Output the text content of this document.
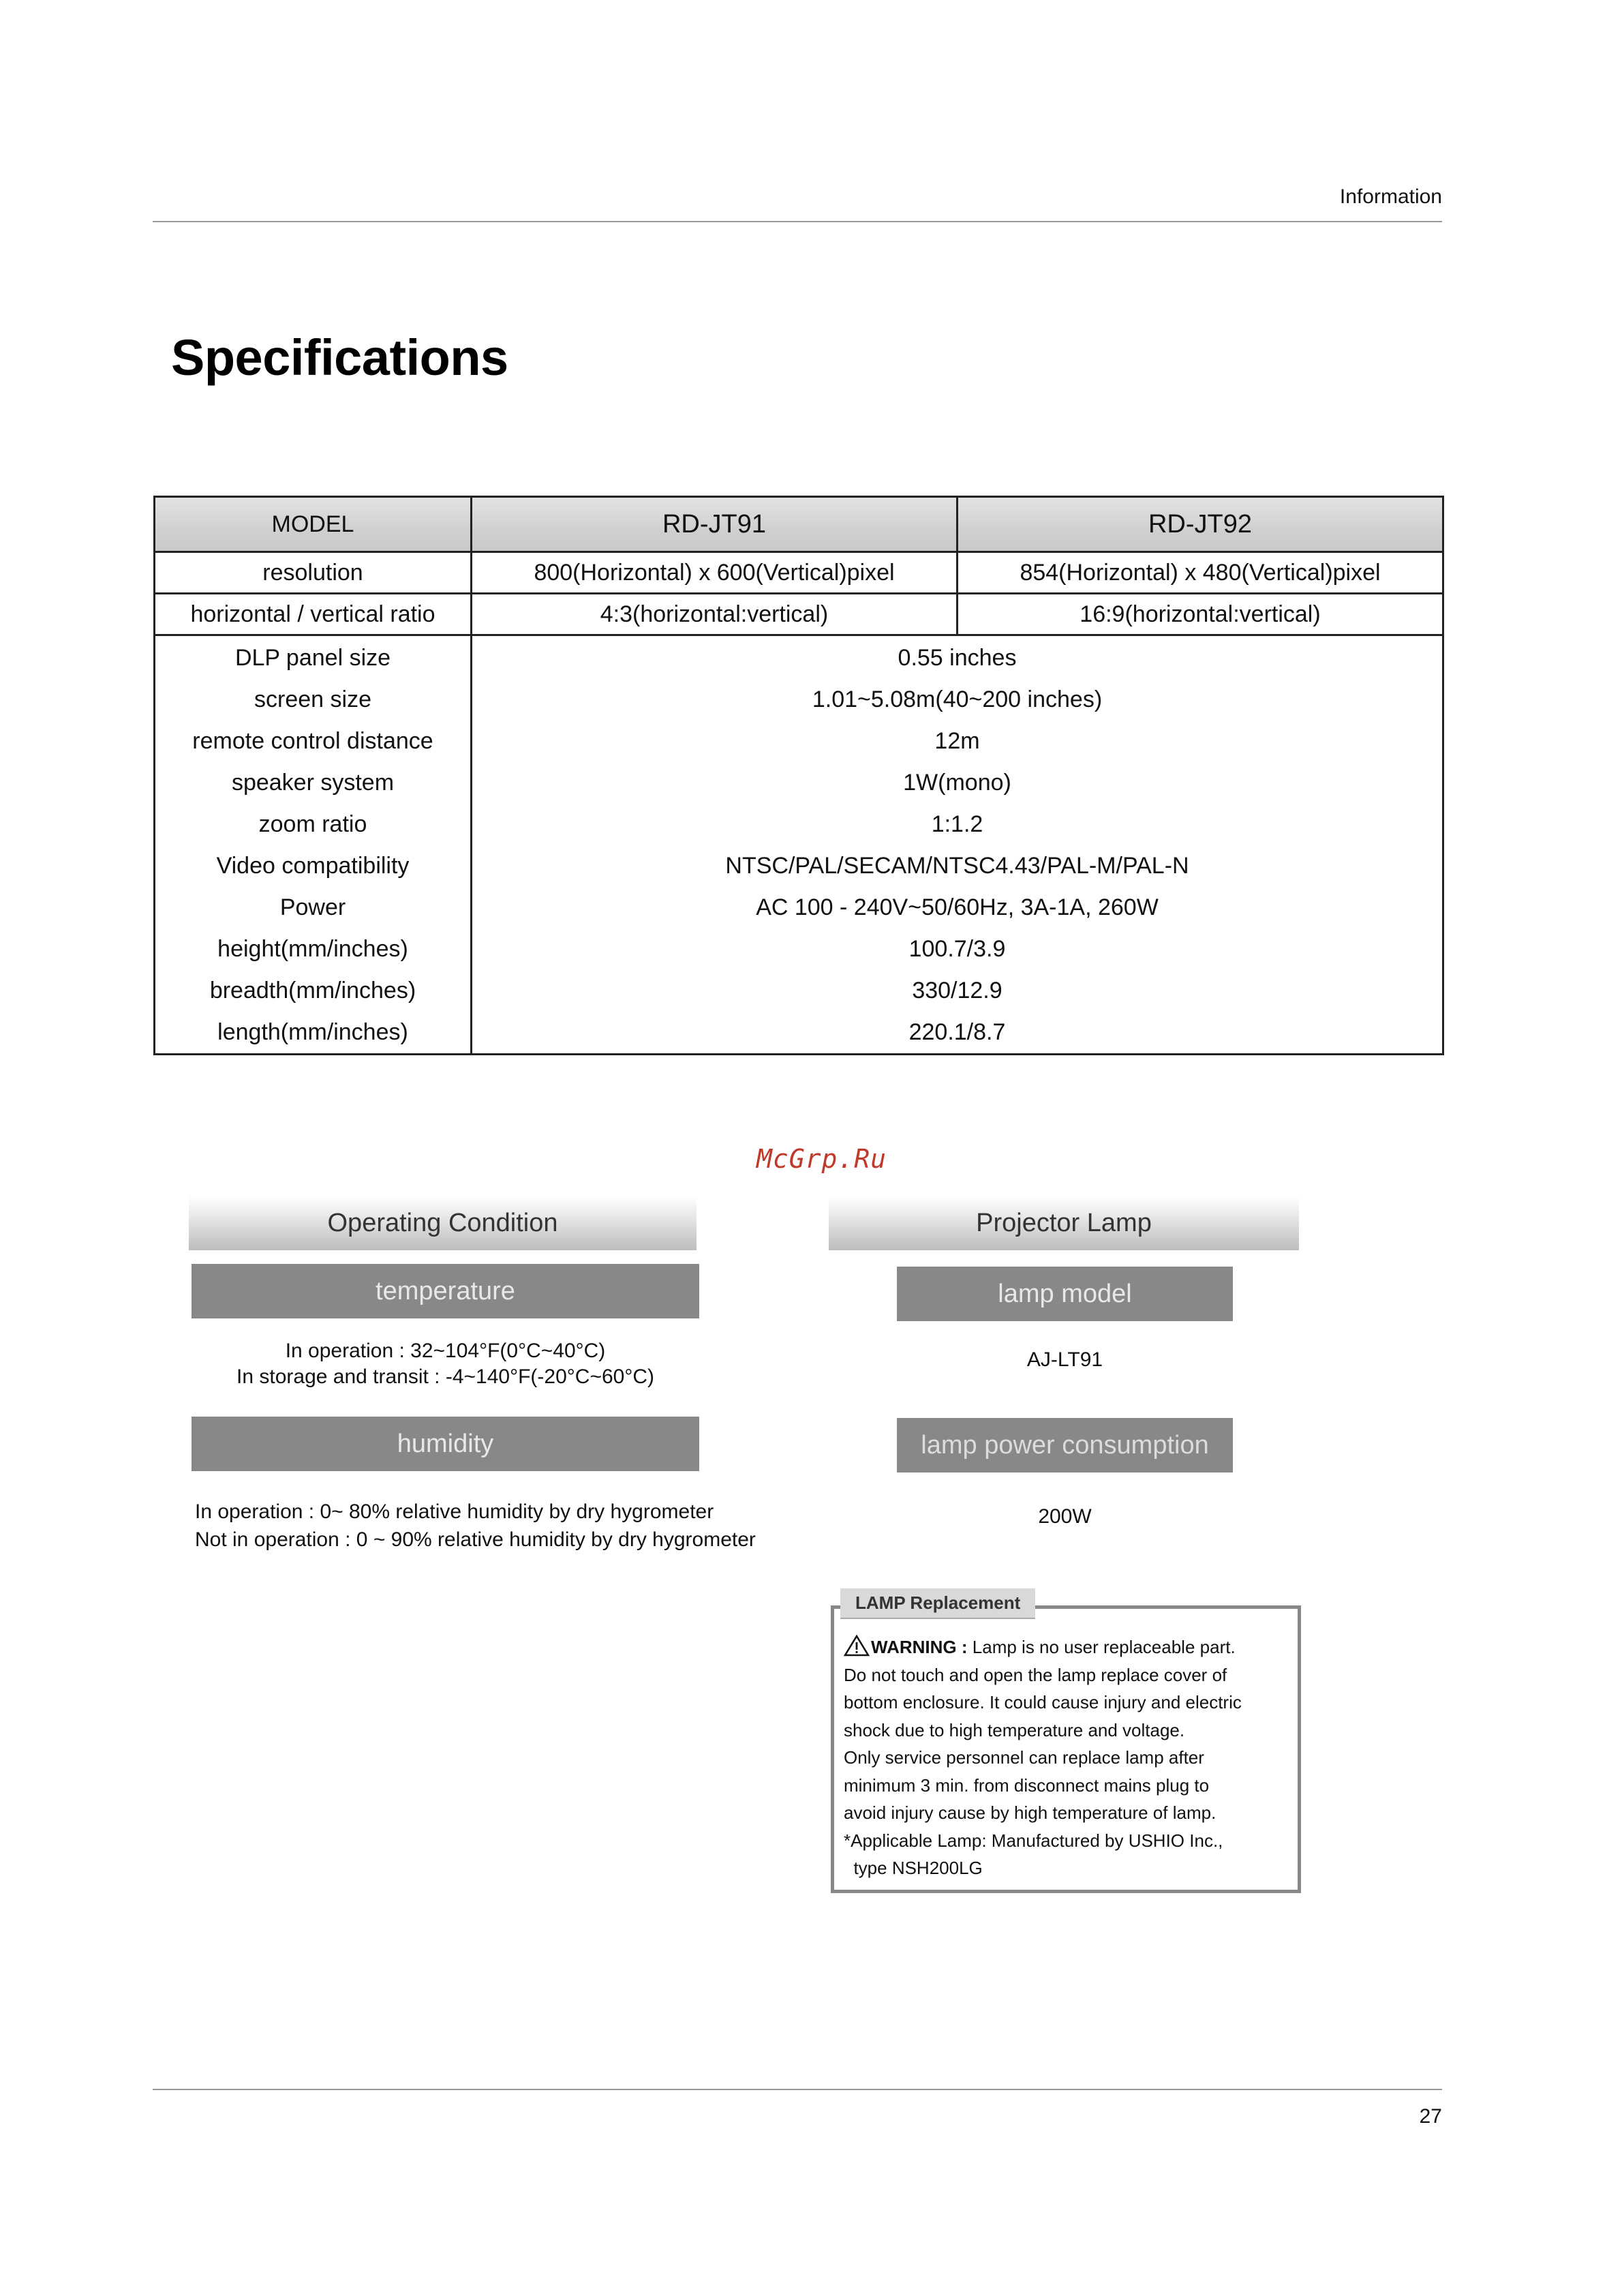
Information
Specifications
MODEL	RD-JT91	RD-JT92
resolution	800(Horizontal) x 600(Vertical)pixel	854(Horizontal) x 480(Vertical)pixel
horizontal / vertical ratio	4:3(horizontal:vertical)	16:9(horizontal:vertical)
DLP panel size	0.55 inches	
screen size	1.01~5.08m(40~200 inches)	
remote control distance	12m	
speaker system	1W(mono)	
zoom ratio	1:1.2	
Video compatibility	NTSC/PAL/SECAM/NTSC4.43/PAL-M/PAL-N	
Power	AC 100 - 240V~50/60Hz, 3A-1A, 260W	
height(mm/inches)	100.7/3.9	
breadth(mm/inches)	330/12.9	
length(mm/inches)	220.1/8.7	
McGrp.Ru
Operating Condition
temperature
In operation : 32~104°F(0°C~40°C)
In storage and transit : -4~140°F(-20°C~60°C)
humidity
In operation : 0~ 80% relative humidity by dry hygrometer
Not in operation : 0 ~ 90% relative humidity by dry hygrometer
Projector Lamp
lamp model
AJ-LT91
lamp power consumption
200W
LAMP Replacement
WARNING : Lamp is no user replaceable part.
Do not touch and open the lamp replace cover of
bottom enclosure. It could cause injury and electric
shock due to high temperature and voltage.
Only service personnel can replace lamp after
minimum 3 min. from disconnect mains plug to
avoid injury cause by high temperature of lamp.
*Applicable Lamp: Manufactured by USHIO Inc.,
type NSH200LG
27
